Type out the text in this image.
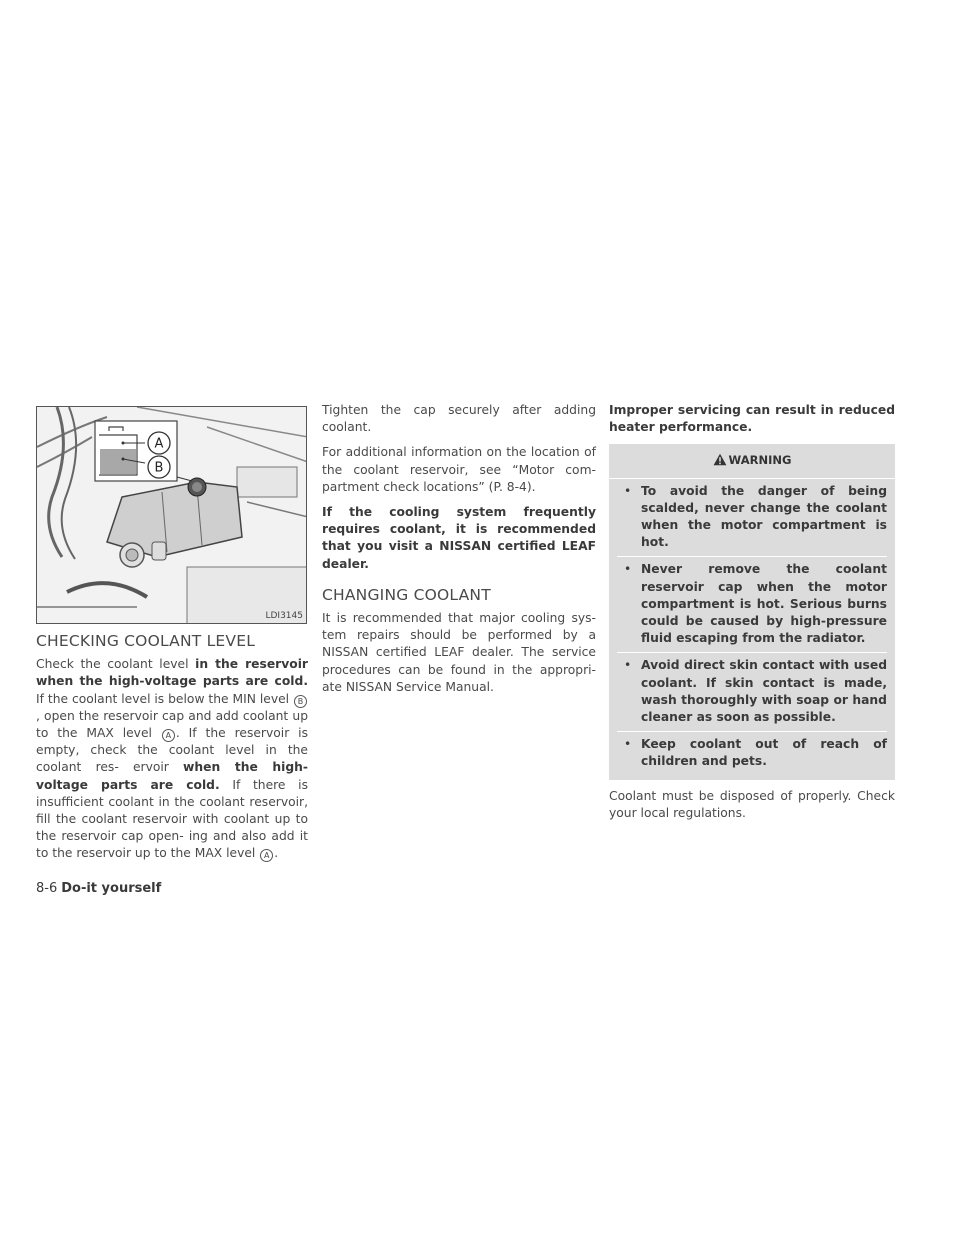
A
B
LDI3145
CHECKING COOLANT LEVEL

Check the coolant level in the reservoir when the high-voltage parts are cold. If the coolant level is below the MIN level B, open the reservoir cap and add coolant up to the MAX level A . If the reservoir is empty, check the coolant level in the coolant res- ervoir when the high-voltage parts are cold. If there is insufficient coolant in the coolant reservoir, fill the coolant reservoir with coolant up to the reservoir cap open- ing and also add it to the reservoir up to the MAX level A .

Tighten the cap securely after adding coolant.

For additional information on the location of the coolant reservoir, see “Motor com- partment check locations” (P. 8-4).

If the cooling system frequently requires coolant, it is recommended that you visit a NISSAN certified LEAF dealer.

CHANGING COOLANT

It is recommended that major cooling sys- tem repairs should be performed by a NISSAN certified LEAF dealer. The service procedures can be found in the appropri- ate NISSAN Service Manual.

Improper servicing can result in reduced heater performance.

WARNING
• To avoid the danger of being scalded, never change the coolant when the motor compartment is hot.
• Never remove the coolant reservoir cap when the motor compartment is hot. Serious burns could be caused by high-pressure fluid escaping from the radiator.
• Avoid direct skin contact with used coolant. If skin contact is made, wash thoroughly with soap or hand cleaner as soon as possible.
• Keep coolant out of reach of children and pets.

Coolant must be disposed of properly. Check your local regulations.

8-6 Do-it yourself
